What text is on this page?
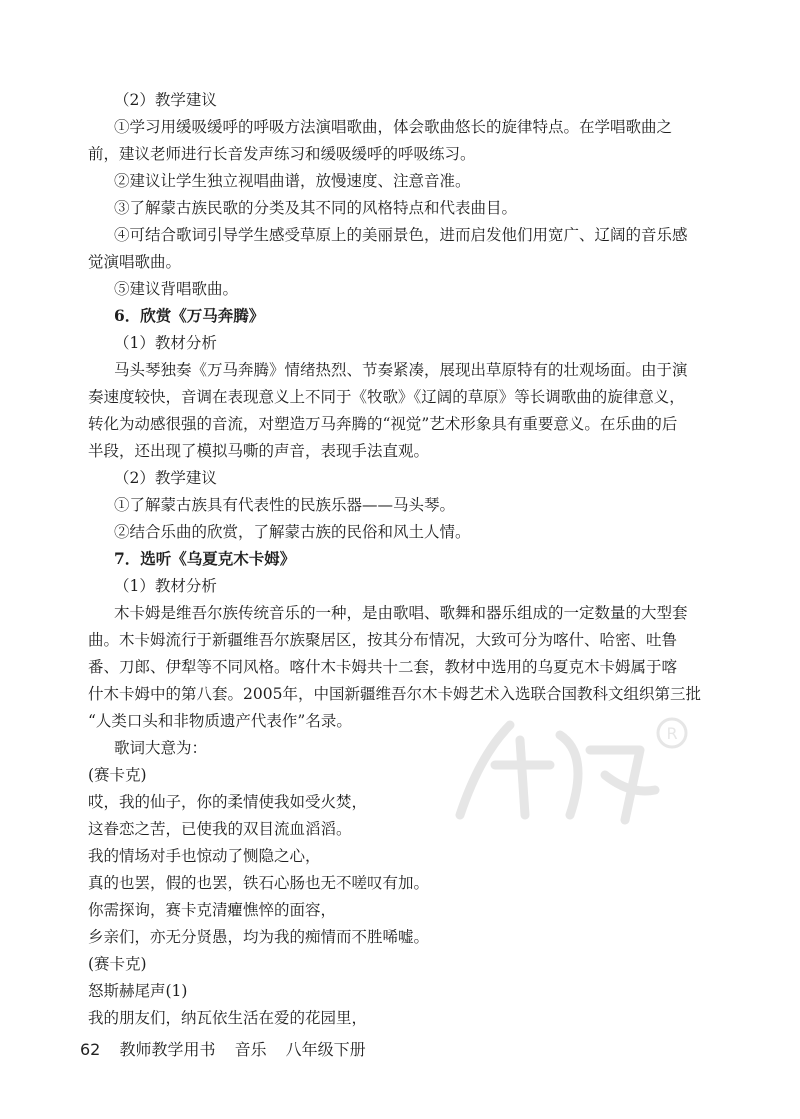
（2）教学建议
①学习用缓吸缓呼的呼吸方法演唱歌曲，体会歌曲悠长的旋律特点。在学唱歌曲之
前，建议老师进行长音发声练习和缓吸缓呼的呼吸练习。
②建议让学生独立视唱曲谱，放慢速度、注意音准。
③了解蒙古族民歌的分类及其不同的风格特点和代表曲目。
④可结合歌词引导学生感受草原上的美丽景色，进而启发他们用宽广、辽阔的音乐感
觉演唱歌曲。
⑤建议背唱歌曲。
6．欣赏《万马奔腾》
（1）教材分析
马头琴独奏《万马奔腾》情绪热烈、节奏紧凑，展现出草原特有的壮观场面。由于演
奏速度较快，音调在表现意义上不同于《牧歌》《辽阔的草原》等长调歌曲的旋律意义，
转化为动感很强的音流，对塑造万马奔腾的“视觉”艺术形象具有重要意义。在乐曲的后
半段，还出现了模拟马嘶的声音，表现手法直观。
（2）教学建议
①了解蒙古族具有代表性的民族乐器——马头琴。
②结合乐曲的欣赏，了解蒙古族的民俗和风土人情。
7．选听《乌夏克木卡姆》
（1）教材分析
木卡姆是维吾尔族传统音乐的一种，是由歌唱、歌舞和器乐组成的一定数量的大型套
曲。木卡姆流行于新疆维吾尔族聚居区，按其分布情况，大致可分为喀什、哈密、吐鲁
番、刀郎、伊犁等不同风格。喀什木卡姆共十二套，教材中选用的乌夏克木卡姆属于喀
什木卡姆中的第八套。2005年，中国新疆维吾尔木卡姆艺术入选联合国教科文组织第三批
“人类口头和非物质遗产代表作”名录。
歌词大意为：
(赛卡克)
哎，我的仙子，你的柔情使我如受火焚，
这眷恋之苦，已使我的双目流血滔滔。
我的情场对手也惊动了恻隐之心，
真的也罢，假的也罢，铁石心肠也无不嗟叹有加。
你需探询，赛卡克清癯憔悴的面容，
乡亲们，亦无分贤愚，均为我的痴情而不胜唏嘘。
(赛卡克)
怒斯赫尾声(1)
我的朋友们，纳瓦依生活在爱的花园里，
R
62 教师教学用书 音乐 八年级下册
